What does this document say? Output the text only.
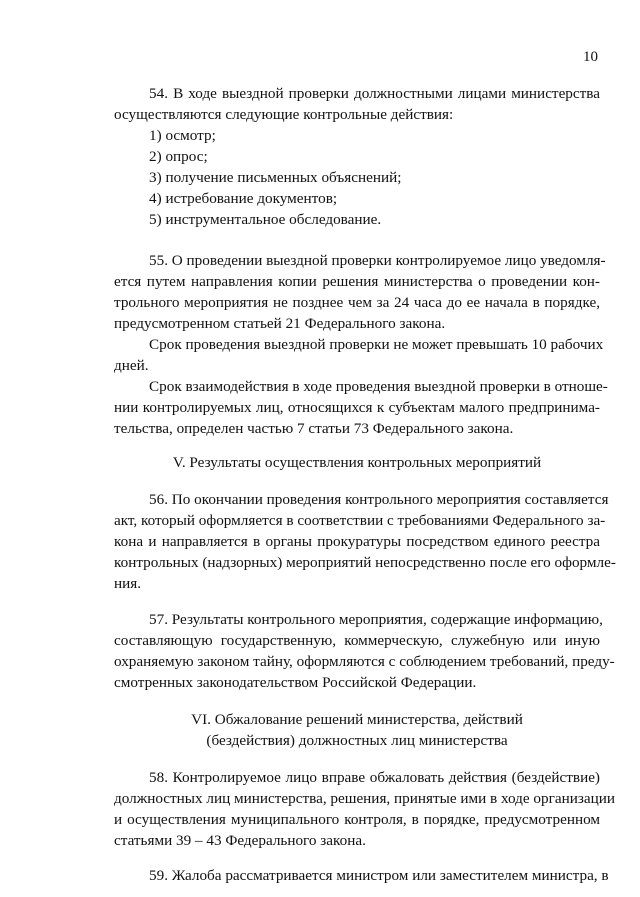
10
54. В ходе выездной проверки должностными лицами министерства
осуществляются следующие контрольные действия:
1) осмотр;
2) опрос;
3) получение письменных объяснений;
4) истребование документов;
5) инструментальное обследование.
55. О проведении выездной проверки контролируемое лицо уведомля-
ется путем направления копии решения министерства о проведении кон-
трольного мероприятия не позднее чем за 24 часа до ее начала в порядке,
предусмотренном статьей 21 Федерального закона.
Срок проведения выездной проверки не может превышать 10 рабочих
дней.
Срок взаимодействия в ходе проведения выездной проверки в отноше-
нии контролируемых лиц, относящихся к субъектам малого предпринима-
тельства, определен частью 7 статьи 73 Федерального закона.
V. Результаты осуществления контрольных мероприятий
56. По окончании проведения контрольного мероприятия составляется
акт, который оформляется в соответствии с требованиями Федерального за-
кона и направляется в органы прокуратуры посредством единого реестра
контрольных (надзорных) мероприятий непосредственно после его оформле-
ния.
57. Результаты контрольного мероприятия, содержащие информацию,
составляющую государственную, коммерческую, служебную или иную
охраняемую законом тайну, оформляются с соблюдением требований, преду-
смотренных законодательством Российской Федерации.
VI. Обжалование решений министерства, действий
(бездействия) должностных лиц министерства
58. Контролируемое лицо вправе обжаловать действия (бездействие)
должностных лиц министерства, решения, принятые ими в ходе организации
и осуществления муниципального контроля, в порядке, предусмотренном
статьями 39 – 43 Федерального закона.
59. Жалоба рассматривается министром или заместителем министра, в
